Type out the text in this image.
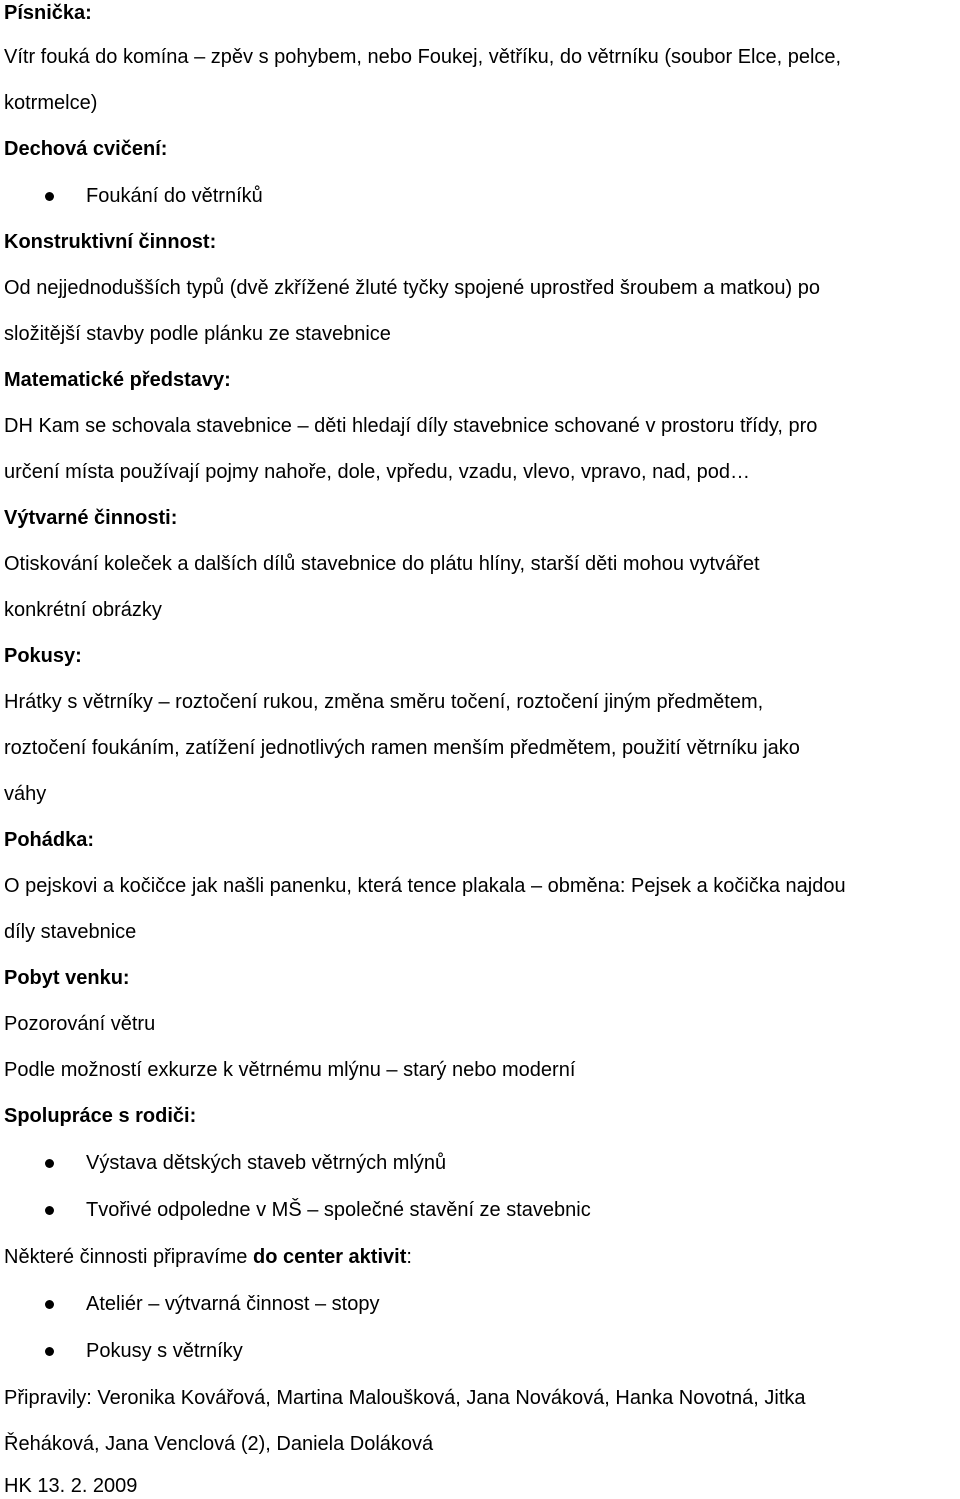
Písnička:
Vítr fouká do komína – zpěv s pohybem, nebo Foukej, větříku, do větrníku (soubor Elce, pelce,
kotrmelce)
Dechová cvičení:
Foukání do větrníků
Konstruktivní činnost:
Od nejjednodušších typů (dvě zkřížené žluté tyčky spojené uprostřed šroubem a matkou) po
složitější stavby podle plánku ze stavebnice
Matematické představy:
DH Kam se schovala stavebnice – děti hledají díly stavebnice schované v prostoru třídy, pro
určení místa používají pojmy nahoře, dole, vpředu, vzadu, vlevo, vpravo, nad, pod…
Výtvarné činnosti:
Otiskování koleček a dalších dílů stavebnice do plátu hlíny, starší děti mohou vytvářet
konkrétní obrázky
Pokusy:
Hrátky s větrníky – roztočení rukou, změna směru točení, roztočení jiným předmětem,
roztočení foukáním, zatížení jednotlivých ramen menším předmětem, použití větrníku jako
váhy
Pohádka:
O pejskovi a kočičce jak našli panenku, která tence plakala – obměna: Pejsek a kočička najdou
díly stavebnice
Pobyt venku:
Pozorování větru
Podle možností exkurze k větrnému mlýnu – starý nebo moderní
Spolupráce s rodiči:
Výstava dětských staveb větrných mlýnů
Tvořivé odpoledne v MŠ – společné stavění ze stavebnic
Některé činnosti připravíme do center aktivit:
Ateliér – výtvarná činnost – stopy
Pokusy s větrníky
Připravily: Veronika Kovářová, Martina Maloušková, Jana Nováková, Hanka Novotná, Jitka
Řeháková, Jana Venclová (2), Daniela Doláková
HK 13. 2. 2009
